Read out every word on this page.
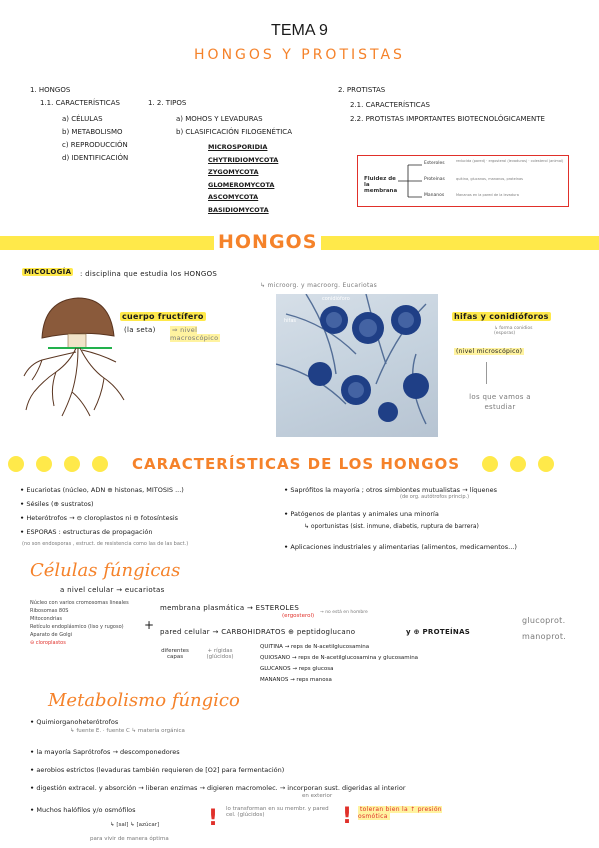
TEMA 9
HONGOS Y PROTISTAS
1. HONGOS
1.1. CARACTERÍSTICAS
a) CÉLULAS
b) METABOLISMO
c) REPRODUCCIÓN
d) IDENTIFICACIÓN
1. 2. TIPOS
a) MOHOS Y LEVADURAS
b) CLASIFICACIÓN FILOGENÉTICA
MICROSPORIDIA
CHYTRIDIOMYCOTA
ZYGOMYCOTA
GLOMEROMYCOTA
ASCOMYCOTA
BASIDIOMYCOTA
2. PROTISTAS
2.1. CARACTERÍSTICAS
2.2. PROTISTAS IMPORTANTES BIOTECNOLÓGICAMENTE
Fluidez de la membrana
Esteroles	reducida (pared) · ergosterol (levaduras) · colesterol (animal)
Proteínas	quitina, glucanos, mananos, proteínas
Mananos	Mananos en la pared de la levadura
HONGOS
MICOLOGÍA : disciplina que estudia los HONGOS
↳ microorg. y macroorg. Eucariotas
cuerpo fructífero
(la seta)	⇒ nivel macroscópico
conidióforo
hifas	hifas y conidióforos
↳ forma conidios (esporas)
(nivel microscópico)
los que vamos a estudiar
CARACTERÍSTICAS DE LOS HONGOS
• Eucariotas (núcleo, ADN ⊕ histonas, MITOSIS ...)
• Sésiles (⊕ sustratos)
• Heterótrofos → ⊖ cloroplastos ni ⊖ fotosíntesis
• ESPORAS : estructuras de propagación
(no son endosporas , estruct. de resistencia como las de las bact.)
• Saprófitos la mayoría ; otros simbiontes mutualistas → líquenes
(de org. autótrofos princip.)
• Patógenos de plantas y animales una minoría
↳ oportunistas (sist. inmune, diabetis, ruptura de barrera)
• Aplicaciones industriales y alimentarias (alimentos, medicamentos...)
Células fúngicas
a nivel celular → eucariotas
Núcleo con varios cromosomas lineales
Ribosomas 80S
Mitocondrias
Retículo endoplásmico (liso y rugoso)
Aparato de Golgi
⊖ cloroplastos
+
membrana plasmática → ESTEROLES
(ergosterol)
→ no está en hombre
pared celular → CARBOHIDRATOS ⊕ peptidoglucano	y ⊕ PROTEÍNAS
glucoprot.
manoprot.
diferentes capas
+ rígidas (glúcidos)
QUITINA → reps de N-acetilglucosamina
QUIOSANO → reps de N-acetilglucosamina y glucosamina
GLUCANOS → reps glucosa
MANANOS → reps manosa
Metabolismo fúngico
• Quimiorganoheterótrofos
• la mayoría Saprótrofos → descomponedores
• aerobios estrictos (levaduras también requieren de [O2] para fermentación)
• digestión extracel. y absorción → liberan enzimas → digieren macromolec. → incorporan sust. digeridas al interior
• Muchos halófilos y/o osmófilos
↳ fuente E. · fuente C ↳ materia orgánica
en exterior
↳ [sal] ↳ [azúcar]
para vivir de manera óptima
! lo transforman en su membr. y pared cel. (glúcidos)	!	toleran bien la ↑ presión osmótica
